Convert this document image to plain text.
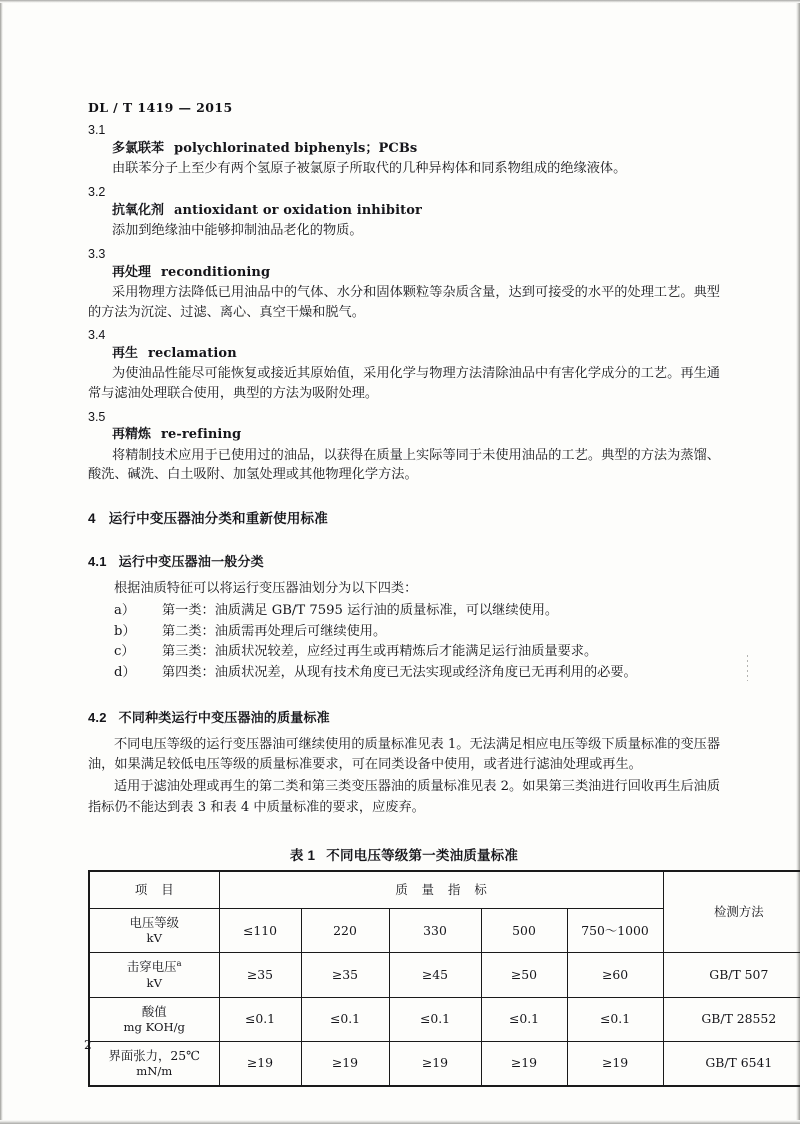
DL / T 1419 — 2015
3.1
多氯联苯 polychlorinated biphenyls；PCBs
由联苯分子上至少有两个氢原子被氯原子所取代的几种异构体和同系物组成的绝缘液体。
3.2
抗氧化剂 antioxidant or oxidation inhibitor
添加到绝缘油中能够抑制油品老化的物质。
3.3
再处理 reconditioning
采用物理方法降低已用油品中的气体、水分和固体颗粒等杂质含量，达到可接受的水平的处理工艺。典型的方法为沉淀、过滤、离心、真空干燥和脱气。
3.4
再生 reclamation
为使油品性能尽可能恢复或接近其原始值，采用化学与物理方法清除油品中有害化学成分的工艺。再生通常与滤油处理联合使用，典型的方法为吸附处理。
3.5
再精炼 re-refining
将精制技术应用于已使用过的油品，以获得在质量上实际等同于未使用油品的工艺。典型的方法为蒸馏、酸洗、碱洗、白土吸附、加氢处理或其他物理化学方法。
4 运行中变压器油分类和重新使用标准
4.1 运行中变压器油一般分类
根据油质特征可以将运行变压器油划分为以下四类：
a）	第一类：油质满足 GB/T 7595 运行油的质量标准，可以继续使用。
b）	第二类：油质需再处理后可继续使用。
c）	第三类：油质状况较差，应经过再生或再精炼后才能满足运行油质量要求。
d）	第四类：油质状况差，从现有技术角度已无法实现或经济角度已无再利用的必要。
4.2 不同种类运行中变压器油的质量标准
不同电压等级的运行变压器油可继续使用的质量标准见表 1。无法满足相应电压等级下质量标准的变压器油，如果满足较低电压等级的质量标准要求，可在同类设备中使用，或者进行滤油处理或再生。
适用于滤油处理或再生的第二类和第三类变压器油的质量标准见表 2。如果第三类油进行回收再生后油质指标仍不能达到表 3 和表 4 中质量标准的要求，应废弃。
表 1 不同电压等级第一类油质量标准
项 目	质 量 指 标					检测方法
电压等级
kV	≤110	220	330	500	750～1000	
击穿电压$^a$
kV	≥35	≥35	≥45	≥50	≥60	GB/T 507
酸值
mg KOH/g	≤0.1	≤0.1	≤0.1	≤0.1	≤0.1	GB/T 28552
界面张力，25℃
mN/m	≥19	≥19	≥19	≥19	≥19	GB/T 6541
2
